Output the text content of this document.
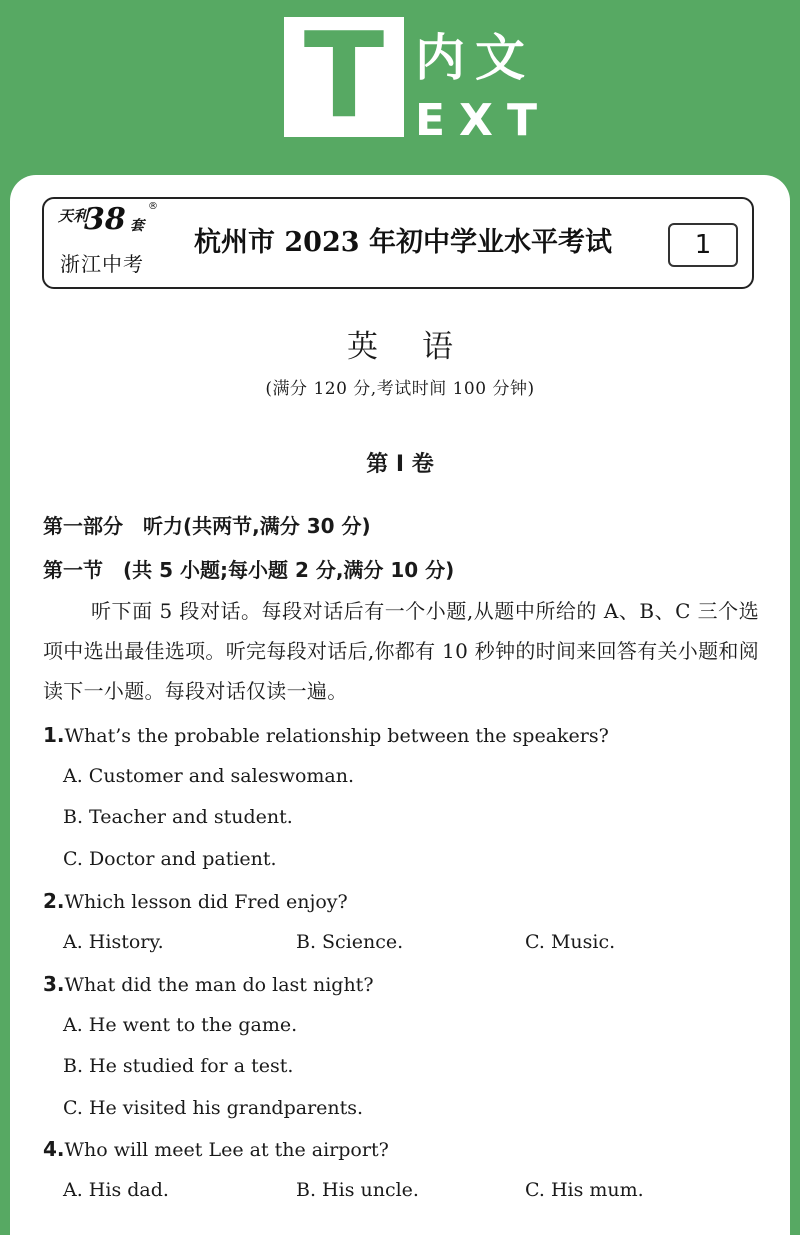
T 内文
EXT
天利
38 套
®
浙江中考
杭州市 2023 年初中学业水平考试	1
英语
(满分 120 分,考试时间 100 分钟)
第 I 卷
第一部分　听力(共两节,满分 30 分)
第一节　(共 5 小题;每小题 2 分,满分 10 分)
听下面 5 段对话。每段对话后有一个小题,从题中所给的 A、B、C 三个选项中选出最佳选项。听完每段对话后,你都有 10 秒钟的时间来回答有关小题和阅读下一小题。每段对话仅读一遍。
1.What’s the probable relationship between the speakers?
A. Customer and saleswoman.
B. Teacher and student.
C. Doctor and patient.
2.Which lesson did Fred enjoy?
A. History.	B. Science.	C. Music.
3.What did the man do last night?
A. He went to the game.
B. He studied for a test.
C. He visited his grandparents.
4.Who will meet Lee at the airport?
A. His dad.	B. His uncle.	C. His mum.
